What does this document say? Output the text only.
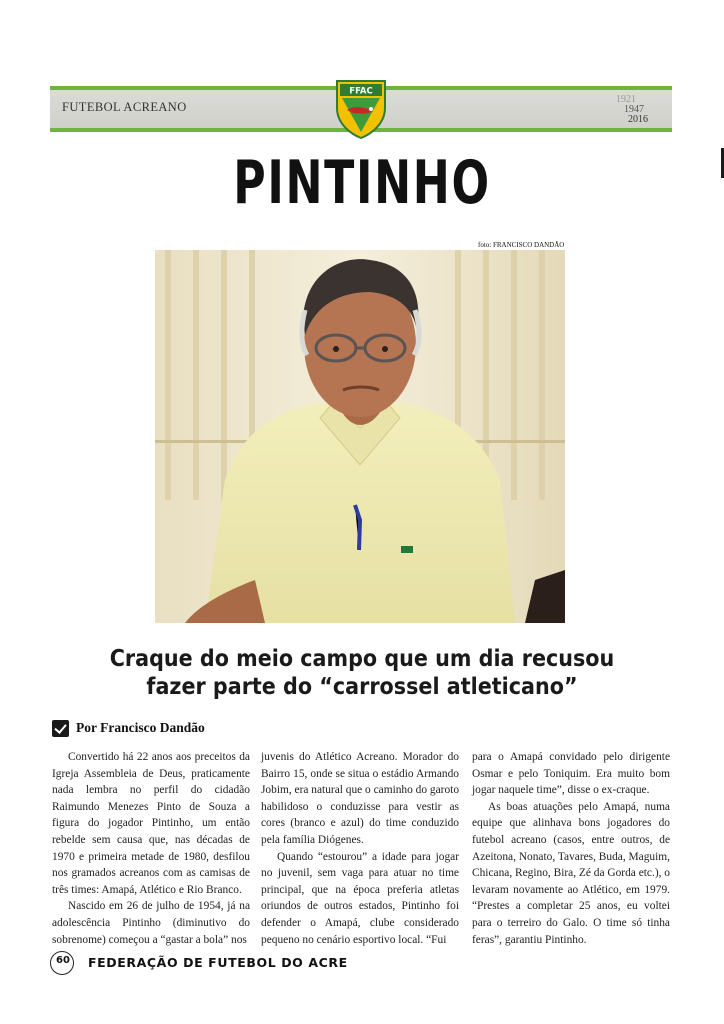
FUTEBOL ACREANO
1921
1947
2016
FFAC
PINTINHO
foto: FRANCISCO DANDÃO
Craque do meio campo que um dia recusou
fazer parte do “carrossel atleticano”
Por Francisco Dandão

Convertido há 22 anos aos preceitos da Igreja Assembleia de Deus, praticamente nada lembra no perfil do cidadão Raimundo Menezes Pinto de Souza a figura do jogador Pintinho, um então rebelde sem causa que, nas décadas de 1970 e primeira metade de 1980, desfilou nos gramados acreanos com as camisas de três times: Amapá, Atlético e Rio Branco.

Nascido em 26 de julho de 1954, já na adolescência Pintinho (diminutivo do sobrenome) começou a “gastar a bola” nos

juvenis do Atlético Acreano. Morador do Bairro 15, onde se situa o estádio Armando Jobim, era natural que o caminho do garoto habilidoso o conduzisse para vestir as cores (branco e azul) do time conduzido pela família Diógenes.

Quando “estourou” a idade para jogar no juvenil, sem vaga para atuar no time principal, que na época preferia atletas oriundos de outros estados, Pintinho foi defender o Amapá, clube considerado pequeno no cenário esportivo local. “Fui

para o Amapá convidado pelo dirigente Osmar e pelo Toniquim. Era muito bom jogar naquele time”, disse o ex-craque.

As boas atuações pelo Amapá, numa equipe que alinhava bons jogadores do futebol acreano (casos, entre outros, de Azeitona, Nonato, Tavares, Buda, Maguim, Chicana, Regino, Bira, Zé da Gorda etc.), o levaram novamente ao Atlético, em 1979. “Prestes a completar 25 anos, eu voltei para o terreiro do Galo. O time só tinha feras”, garantiu Pintinho.

60 FEDERAÇÃO DE FUTEBOL DO ACRE
